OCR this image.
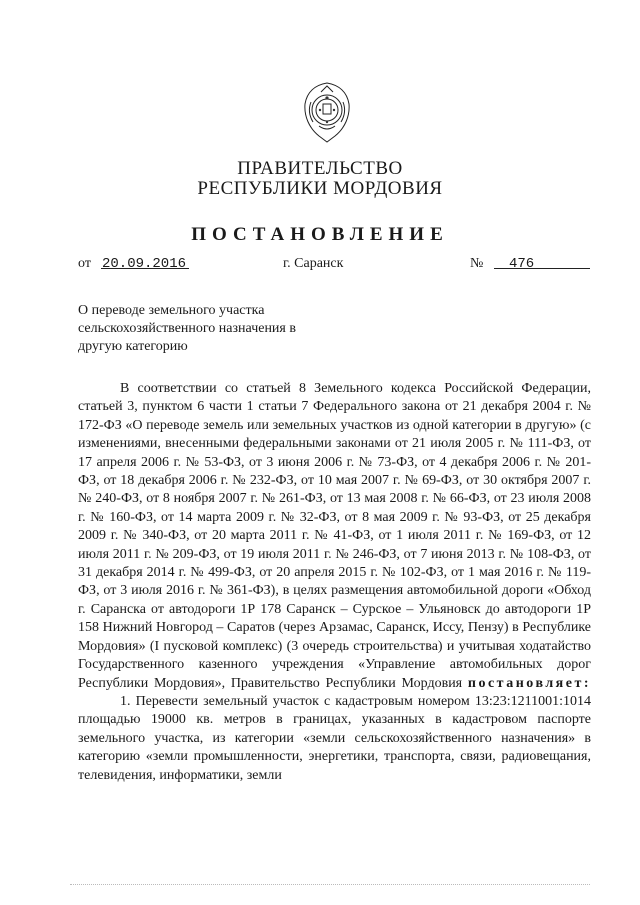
ПРАВИТЕЛЬСТВО
РЕСПУБЛИКИ МОРДОВИЯ
ПОСТАНОВЛЕНИЕ
от 20.09.2016	г. Саранск	№ 476
О переводе земельного участка
сельскохозяйственного назначения в
другую категорию

В соответствии со статьей 8 Земельного кодекса Российской Федерации, статьей 3, пунктом 6 части 1 статьи 7 Федерального закона от 21 декабря 2004 г. № 172-ФЗ «О переводе земель или земельных участков из одной категории в другую» (с изменениями, внесенными федеральными законами от 21 июля 2005 г. № 111-ФЗ, от 17 апреля 2006 г. № 53-ФЗ, от 3 июня 2006 г. № 73-ФЗ, от 4 декабря 2006 г. № 201-ФЗ, от 18 декабря 2006 г. № 232-ФЗ, от 10 мая 2007 г. № 69-ФЗ, от 30 октября 2007 г. № 240-ФЗ, от 8 ноября 2007 г. № 261-ФЗ, от 13 мая 2008 г. № 66-ФЗ, от 23 июля 2008 г. № 160-ФЗ, от 14 марта 2009 г. № 32-ФЗ, от 8 мая 2009 г. № 93-ФЗ, от 25 декабря 2009 г. № 340-ФЗ, от 20 марта 2011 г. № 41-ФЗ, от 1 июля 2011 г. № 169-ФЗ, от 12 июля 2011 г. № 209-ФЗ, от 19 июля 2011 г. № 246-ФЗ, от 7 июня 2013 г. № 108-ФЗ, от 31 декабря 2014 г. № 499-ФЗ, от 20 апреля 2015 г. № 102-ФЗ, от 1 мая 2016 г. № 119-ФЗ, от 3 июля 2016 г. № 361-ФЗ), в целях размещения автомобильной дороги «Обход г. Саранска от автодороги 1Р 178 Саранск – Сурское – Ульяновск до автодороги 1Р 158 Нижний Новгород – Саратов (через Арзамас, Саранск, Иссу, Пензу) в Республике Мордовия» (I пусковой комплекс) (3 очередь строительства) и учитывая ходатайство Государственного казенного учреждения «Управление автомобильных дорог Республики Мордовия», Правительство Республики Мордовия постановляет:

1. Перевести земельный участок с кадастровым номером 13:23:1211001:1014 площадью 19000 кв. метров в границах, указанных в кадастровом паспорте земельного участка, из категории «земли сельскохозяйственного назначения» в категорию «земли промышленности, энергетики, транспорта, связи, радиовещания, телевидения, информатики, земли
